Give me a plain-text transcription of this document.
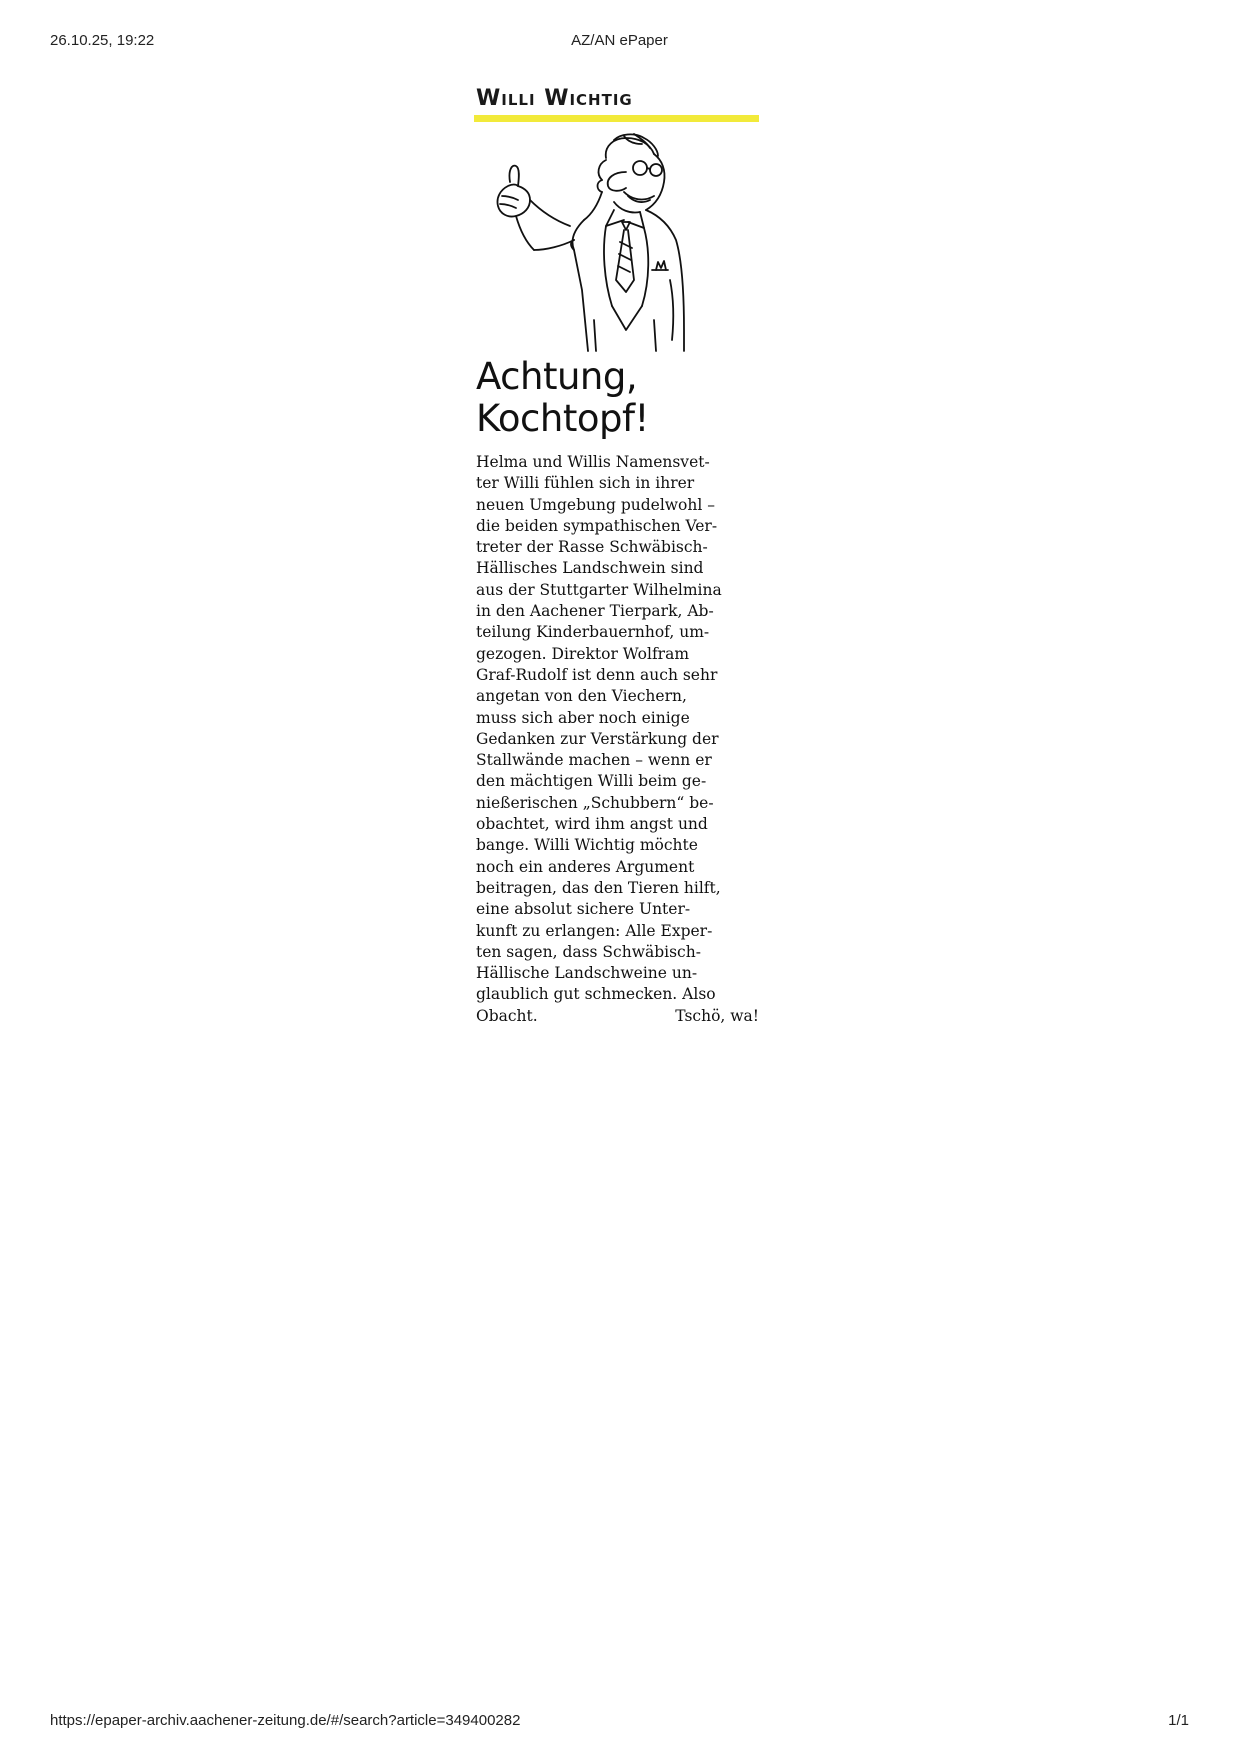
26.10.25, 19:22	AZ/AN ePaper
Willi Wichtig
Achtung,
Kochtopf!
Helma und Willis Namensvet-
ter Willi fühlen sich in ihrer
neuen Umgebung pudelwohl –
die beiden sympathischen Ver-
treter der Rasse Schwäbisch-
Hällisches Landschwein sind
aus der Stuttgarter Wilhelmina
in den Aachener Tierpark, Ab-
teilung Kinderbauernhof, um-
gezogen. Direktor Wolfram
Graf-Rudolf ist denn auch sehr
angetan von den Viechern,
muss sich aber noch einige
Gedanken zur Verstärkung der
Stallwände machen – wenn er
den mächtigen Willi beim ge-
nießerischen „Schubbern“ be-
obachtet, wird ihm angst und
bange. Willi Wichtig möchte
noch ein anderes Argument
beitragen, das den Tieren hilft,
eine absolut sichere Unter-
kunft zu erlangen: Alle Exper-
ten sagen, dass Schwäbisch-
Hällische Landschweine un-
glaublich gut schmecken. Also
Obacht.	Tschö, wa!
https://epaper-archiv.aachener-zeitung.de/#/search?article=349400282	1/1
